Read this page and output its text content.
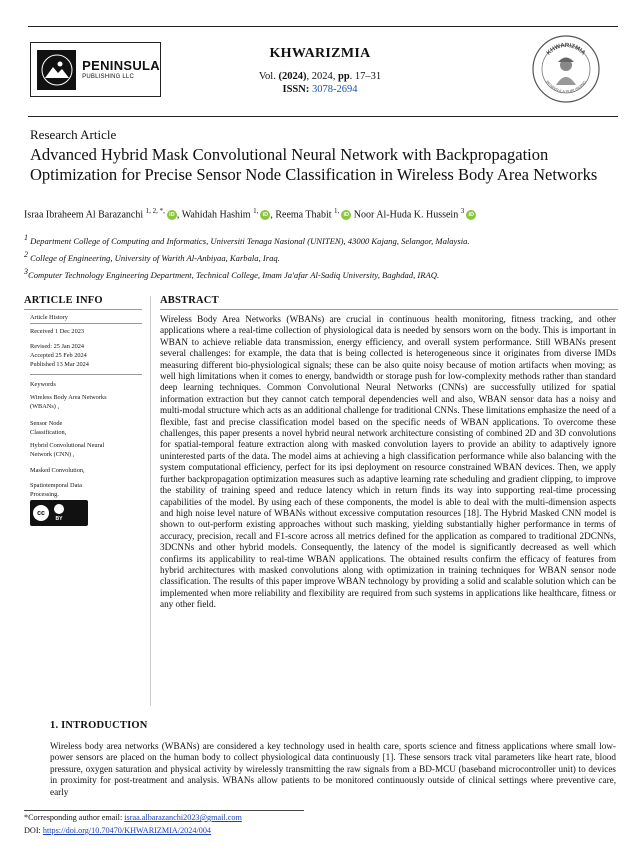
PENINSULA
PUBLISHING LLC
KHWARIZMIA
Vol. (2024), 2024, pp. 17–31
ISSN: 3078-2694
KHWARIZMIA
PENINSULA PUBLISHING
Research Article
Advanced Hybrid Mask Convolutional Neural Network with Backpropagation Optimization for Precise Sensor Node Classification in Wireless Body Area Networks
Israa Ibraheem Al Barazanchi $^{1, 2, *,}$iD , Wahidah Hashim $^{1,}$iD , Reema Thabit $^{1,}$iD Noor Al-Huda K. Hussein $^3$iD
$^1$ Department College of Computing and Informatics, Universiti Tenaga Nasional (UNITEN), 43000 Kajang, Selangor, Malaysia.
$^2$ College of Engineering, University of Warith Al-Anbiyaa, Karbala, Iraq.
$^3$Computer Technology Engineering Department, Technical College, Imam Ja'afar Al-Sadiq University, Baghdad, IRAQ.
ARTICLE INFO	ABSTRACT
Article History
Received 1 Dec 2023
Revised: 25 Jan 2024
Accepted 25 Feb 2024
Published 13 Mar 2024
Keywords
Wireless Body Area Networks (WBANs) ,
Sensor Node Classification,
Hybrid Convolutional Neural Network (CNN) ,
Masked Convolution,
Spatiotemporal Data Processing.
cc
BY
Wireless Body Area Networks (WBANs) are crucial in continuous health monitoring, fitness tracking, and other applications where a real-time collection of physiological data is needed by sensors worn on the body. This is important in WBAN to achieve reliable data transmission, energy efficiency, and overall system performance. Still WBANs present several challenges: for example, the data that is being collected is heterogeneous since it originates from diverse IMDs measuring different bio-physiological signals; these can be also quite noisy because of motion artifacts when moving; as well high limitations when it comes to energy, bandwidth or storage push for low-complexity methods rather than standard deep learning techniques. Common Convolutional Neural Networks (CNNs) are successfully utilized for spatial information extraction but they cannot catch temporal dependencies well and also, WBAN sensor data has a noisy and multi-modal structure which acts as an additional challenge for traditional CNNs. These limitations emphasize the need of a flexible, fast and precise classification model based on the specific needs of WBAN applications. To overcome these challenges, this paper presents a novel hybrid neural network architecture consisting of combined 2D and 3D convolutions for spatial-temporal feature extraction along with masked convolution layers to provide an ability to adaptively ignore uninterested parts of the data. The model aims at achieving a high classification performance while also balancing with the system computational efficiency, perfect for its ipsi deployment on resource constrained WBAN devices. Then, we apply further backpropagation optimization measures such as adaptive learning rate scheduling and gradient clipping, to improve the stability of training speed and reduce latency which in return finds its way into supporting real-time processing capabilities of the model. By using each of these components, the model is able to deal with the multi-dimension aspects and high noise level nature of WBANs without excessive computation resources [18]. The Hybrid Masked CNN model is shown to out-perform existing approaches without such masking, yielding substantially higher performance in terms of accuracy, precision, recall and F1-score across all metrics defined for the application as compared to traditional 2DCNNs, 3DCNNs and other hybrid models. Consequently, the latency of the model is significantly decreased as well which confirms its applicability to real-time WBAN applications. The obtained results confirm the efficacy of features from hybrid architectures with masked convolutions along with optimization in training techniques for WBAN sensor node classification. The results of this paper improve WBAN technology by providing a solid and scalable solution which can be implemented when more reliability and flexibility are required from such systems in applications like healthcare, fitness or any other field.
1. INTRODUCTION
Wireless body area networks (WBANs) are considered a key technology used in health care, sports science and fitness applications where small low-power sensors are placed on the human body to collect physiological data continuously [1]. These sensors track vital parameters like heart rate, blood pressure, oxygen saturation and physical activity by wirelessly transmitting the raw signals from a BD-MCU (baseband microcontroller unit) to devices in proximity for post-treatment and analysis. WBANs allow patients to be monitored continuously outside of clinical settings where preventive care, early
*Corresponding author email: israa.albarazanchi2023@gmail.com
DOI: https://doi.org/10.70470/KHWARIZMIA/2024/004
